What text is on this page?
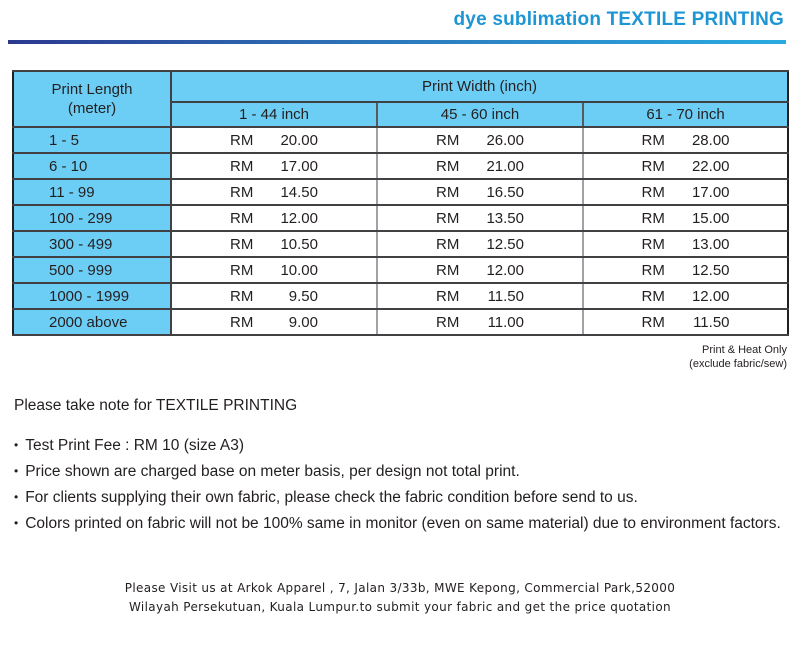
dye sublimation TEXTILE PRINTING
Print Length
(meter)	Print Width (inch)		
	1 - 44 inch	45 - 60 inch	61 - 70 inch
1 - 5	RM 20.00	RM 26.00	RM 28.00

6 - 10	RM 17.00	RM 21.00	RM 22.00

11 - 99	RM 14.50	RM 16.50	RM 17.00

100 - 299	RM 12.00	RM 13.50	RM 15.00

300 - 499	RM 10.50	RM 12.50	RM 13.00

500 - 999	RM 10.00	RM 12.00	RM 12.50

1000 - 1999	RM 9.50	RM 11.50	RM 12.00

2000 above	RM 9.00	RM 11.00	RM 11.50
Print & Heat Only
(exclude fabric/sew)
Please take note for TEXTILE PRINTING
• Test Print Fee : RM 10 (size A3)
• Price shown are charged base on meter basis, per design not total print.
• For clients supplying their own fabric, please check the fabric condition before send to us.
• Colors printed on fabric will not be 100% same in monitor (even on same material) due to environment factors.
Please Visit us at Arkok Apparel , 7, Jalan 3/33b, MWE Kepong, Commercial Park,52000
Wilayah Persekutuan, Kuala Lumpur.to submit your fabric and get the price quotation
